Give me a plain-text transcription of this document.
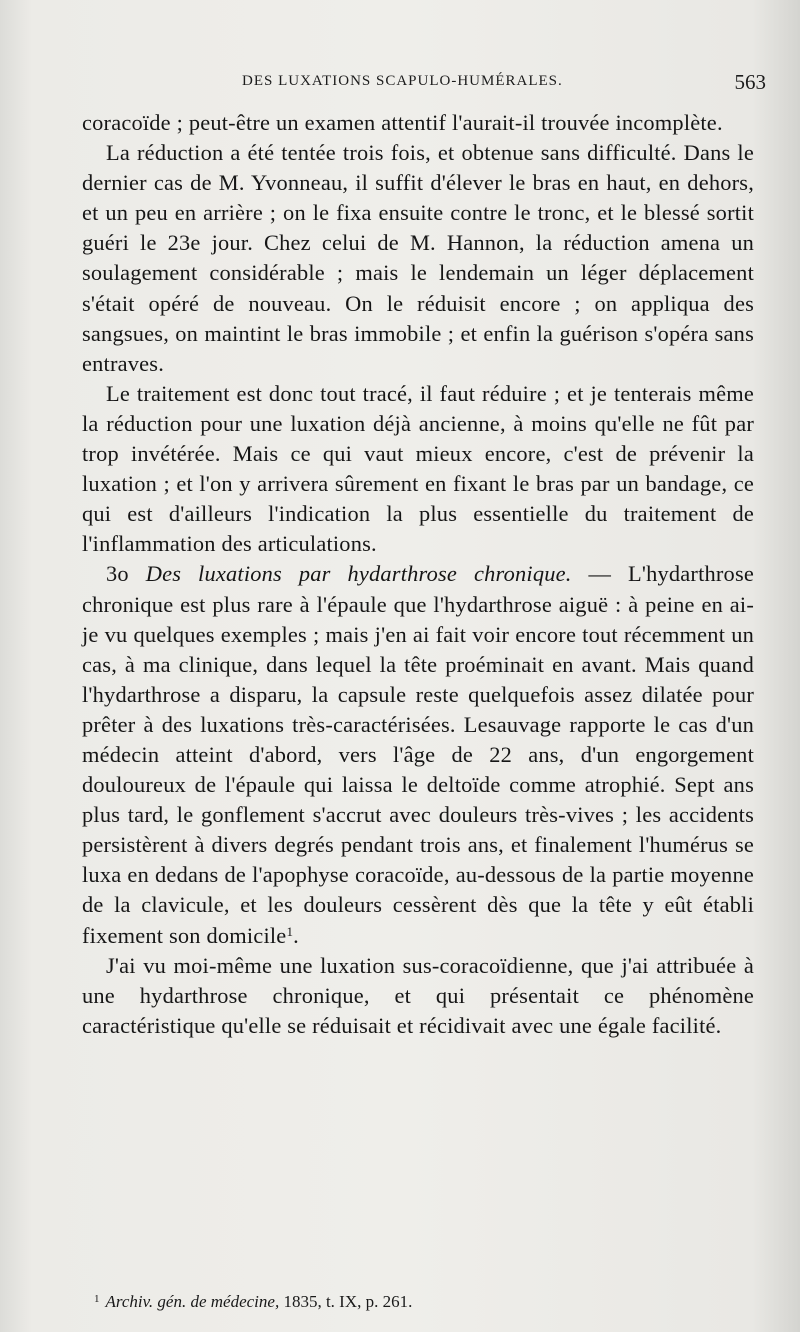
DES LUXATIONS SCAPULO-HUMÉRALES.	563

coracoïde ; peut-être un examen attentif l'aurait-il trouvée incomplète.

La réduction a été tentée trois fois, et obtenue sans difficulté. Dans le dernier cas de M. Yvonneau, il suffit d'élever le bras en haut, en dehors, et un peu en arrière ; on le fixa ensuite contre le tronc, et le blessé sortit guéri le 23e jour. Chez celui de M. Hannon, la réduction amena un soulagement considérable ; mais le lendemain un léger déplacement s'était opéré de nouveau. On le réduisit encore ; on appliqua des sangsues, on maintint le bras immobile ; et enfin la guérison s'opéra sans entraves.

Le traitement est donc tout tracé, il faut réduire ; et je tenterais même la réduction pour une luxation déjà ancienne, à moins qu'elle ne fût par trop invétérée. Mais ce qui vaut mieux encore, c'est de prévenir la luxation ; et l'on y arrivera sûrement en fixant le bras par un bandage, ce qui est d'ailleurs l'indication la plus essentielle du traitement de l'inflammation des articulations.

3o Des luxations par hydarthrose chronique. — L'hydarthrose chronique est plus rare à l'épaule que l'hydarthrose aiguë : à peine en ai-je vu quelques exemples ; mais j'en ai fait voir encore tout récemment un cas, à ma clinique, dans lequel la tête proéminait en avant. Mais quand l'hydarthrose a disparu, la capsule reste quelquefois assez dilatée pour prêter à des luxations très-caractérisées. Lesauvage rapporte le cas d'un médecin atteint d'abord, vers l'âge de 22 ans, d'un engorgement douloureux de l'épaule qui laissa le deltoïde comme atrophié. Sept ans plus tard, le gonflement s'accrut avec douleurs très-vives ; les accidents persistèrent à divers degrés pendant trois ans, et finalement l'humérus se luxa en dedans de l'apophyse coracoïde, au-dessous de la partie moyenne de la clavicule, et les douleurs cessèrent dès que la tête y eût établi fixement son domicile$^1$.

J'ai vu moi-même une luxation sus-coracoïdienne, que j'ai attribuée à une hydarthrose chronique, et qui présentait ce phénomène caractéristique qu'elle se réduisait et récidivait avec une égale facilité.

$^1$ Archiv. gén. de médecine, 1835, t. IX, p. 261.
